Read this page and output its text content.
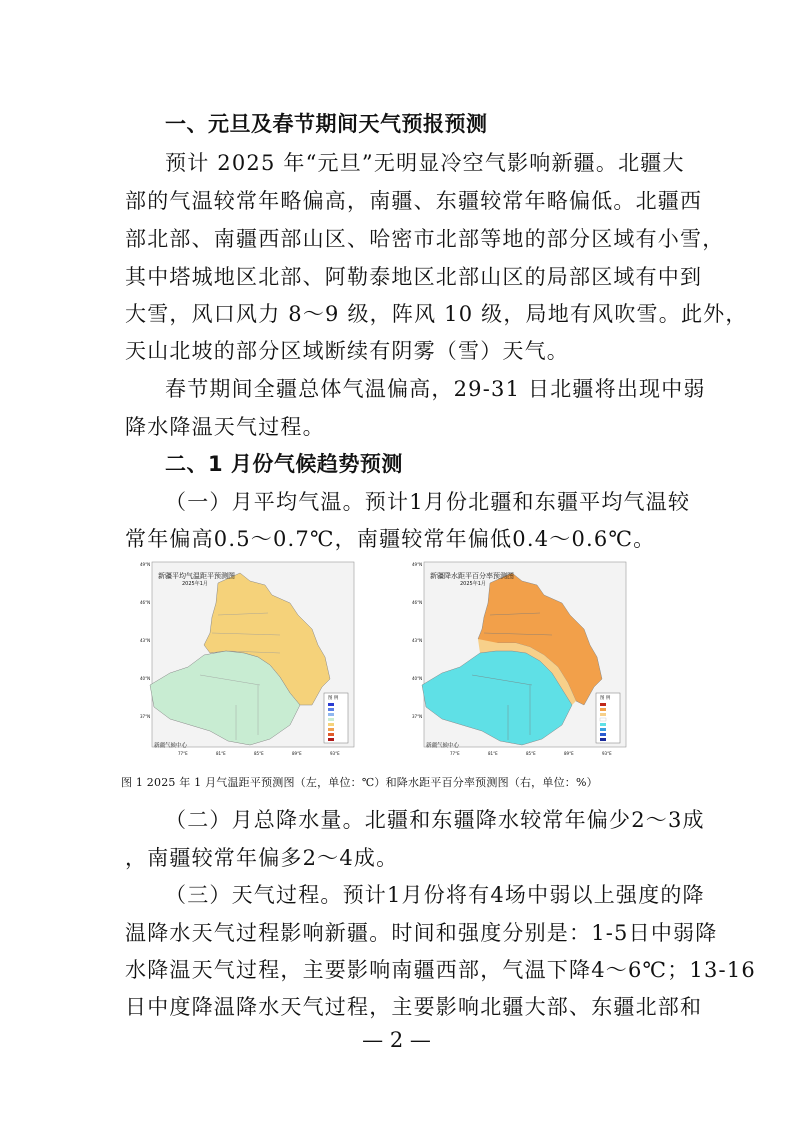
一、元旦及春节期间天气预报预测
预计 2025 年“元旦”无明显冷空气影响新疆。北疆大
部的气温较常年略偏高，南疆、东疆较常年略偏低。北疆西
部北部、南疆西部山区、哈密市北部等地的部分区域有小雪，
其中塔城地区北部、阿勒泰地区北部山区的局部区域有中到
大雪，风口风力 8～9 级，阵风 10 级，局地有风吹雪。此外，
天山北坡的部分区域断续有阴雾（雪）天气。
春节期间全疆总体气温偏高，29-31 日北疆将出现中弱
降水降温天气过程。
二、1 月份气候趋势预测
（一）月平均气温。预计1月份北疆和东疆平均气温较
常年偏高0.5～0.7℃，南疆较常年偏低0.4～0.6℃。
新疆平均气温距平预测图
2025年1月
新疆气候中心
图 例
49°N
46°N
43°N
40°N
37°N
77°E	81°E	85°E	89°E	93°E
新疆降水距平百分率预测图
2025年1月
新疆气候中心
图 例
49°N
46°N
43°N
40°N
37°N
77°E	81°E	85°E	89°E	93°E
图 1 2025 年 1 月气温距平预测图（左，单位：℃）和降水距平百分率预测图（右，单位：%）
（二）月总降水量。北疆和东疆降水较常年偏少2～3成
，南疆较常年偏多2～4成。
（三）天气过程。预计1月份将有4场中弱以上强度的降
温降水天气过程影响新疆。时间和强度分别是：1-5日中弱降
水降温天气过程，主要影响南疆西部，气温下降4～6℃；13-16
日中度降温降水天气过程，主要影响北疆大部、东疆北部和
— 2 —
